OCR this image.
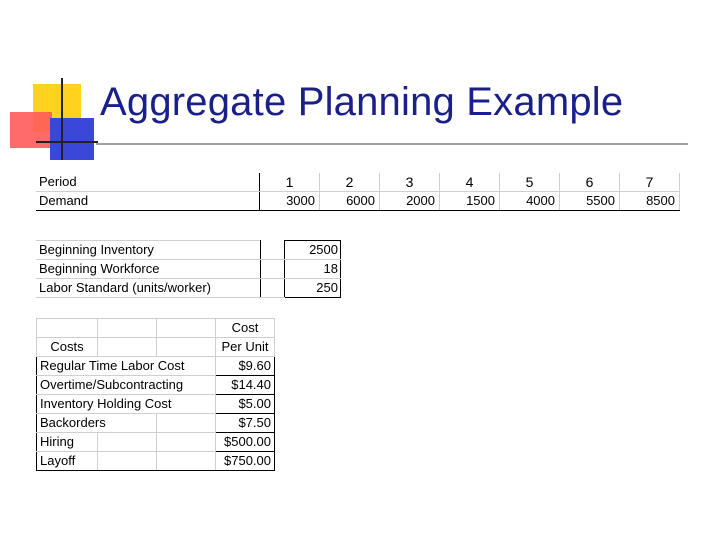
Aggregate Planning Example
Period	1	2	3	4	5	6	7
Demand	3000	6000	2000	1500	4000	5500	8500
Beginning Inventory		2500
Beginning Workforce		18
Labor Standard (units/worker)		250
			Cost
Costs			Per Unit
Regular Time Labor Cost			$9.60
Overtime/Subcontracting			$14.40
Inventory Holding Cost			$5.00
Backorders			$7.50
Hiring			$500.00
Layoff			$750.00
